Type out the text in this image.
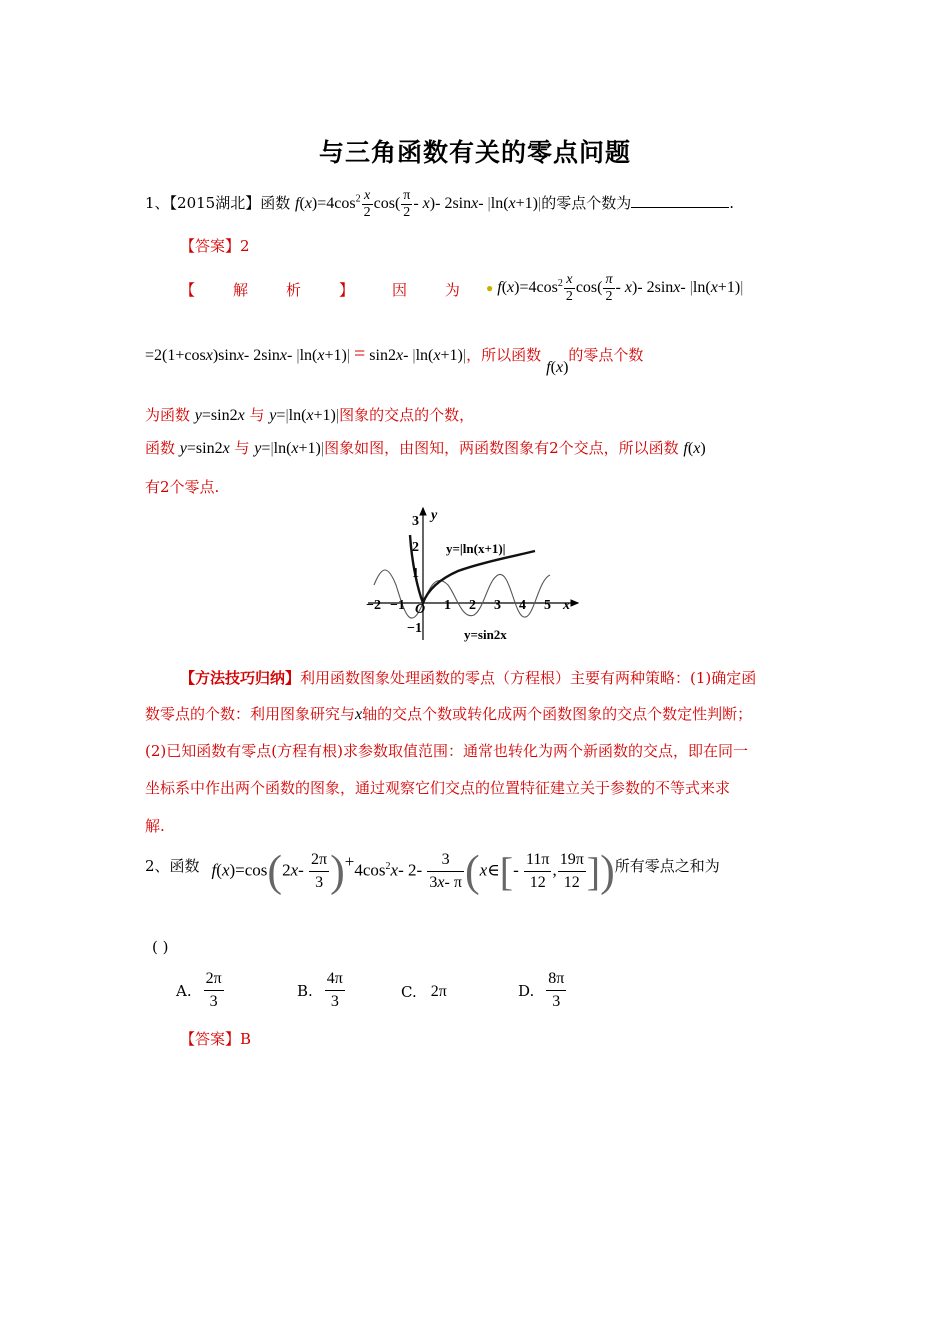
与三角函数有关的零点问题
1、【2015湖北】函数 $f(x)=4\cos^2 \frac{x}{2} \cos( \frac{\pi}{2} - x)-$ 2sinx- |ln(x+1)|的零点个数为	.
【答案】2
【	解	析	】	因	为 ● $f(x)=4\cos^2 \frac{x}{2} \cos( \frac{\pi}{2} - x)-$ 2sinx- |ln(x+1)|
=2(1+cosx)sinx- 2sinx- |ln(x+1)| = sin2x- |ln(x+1)|，所以函数 f(x)的零点个数
为函数 y=sin2x 与 y=|ln(x+1)|图象的交点的个数，
函数 y=sin2x 与 y=|ln(x+1)|图象如图，由图知，两函数图象有2个交点，所以函数 f(x)
有2个零点.
y
x
O
−2 −1	1 2 3 4 5
3
2
1
−1
y=|ln(x+1)|
y=sin2x
【方法技巧归纳】利用函数图象处理函数的零点（方程根）主要有两种策略：(1)确定函
数零点的个数：利用图象研究与x轴的交点个数或转化成两个函数图象的交点个数定性判断；
(2)已知函数有零点(方程有根)求参数取值范围：通常也转化为两个新函数的交点，即在同一
坐标系中作出两个函数的图象，通过观察它们交点的位置特征建立关于参数的不等式来求
解.
2、函数 $f(x)=\cos(2x- \frac{2\pi}{3} )+4\cos^2x-$ $2- \frac{3}{3x- \pi}$ (x∈[- $\frac{11\pi}{12}$ , $\frac{19\pi}{12}$ ]) 所有零点之和为
( )
A. $\frac{2\pi}{3}$	B. $\frac{4\pi}{3}$	C. 2π	D. $\frac{8\pi}{3}$
【答案】B
